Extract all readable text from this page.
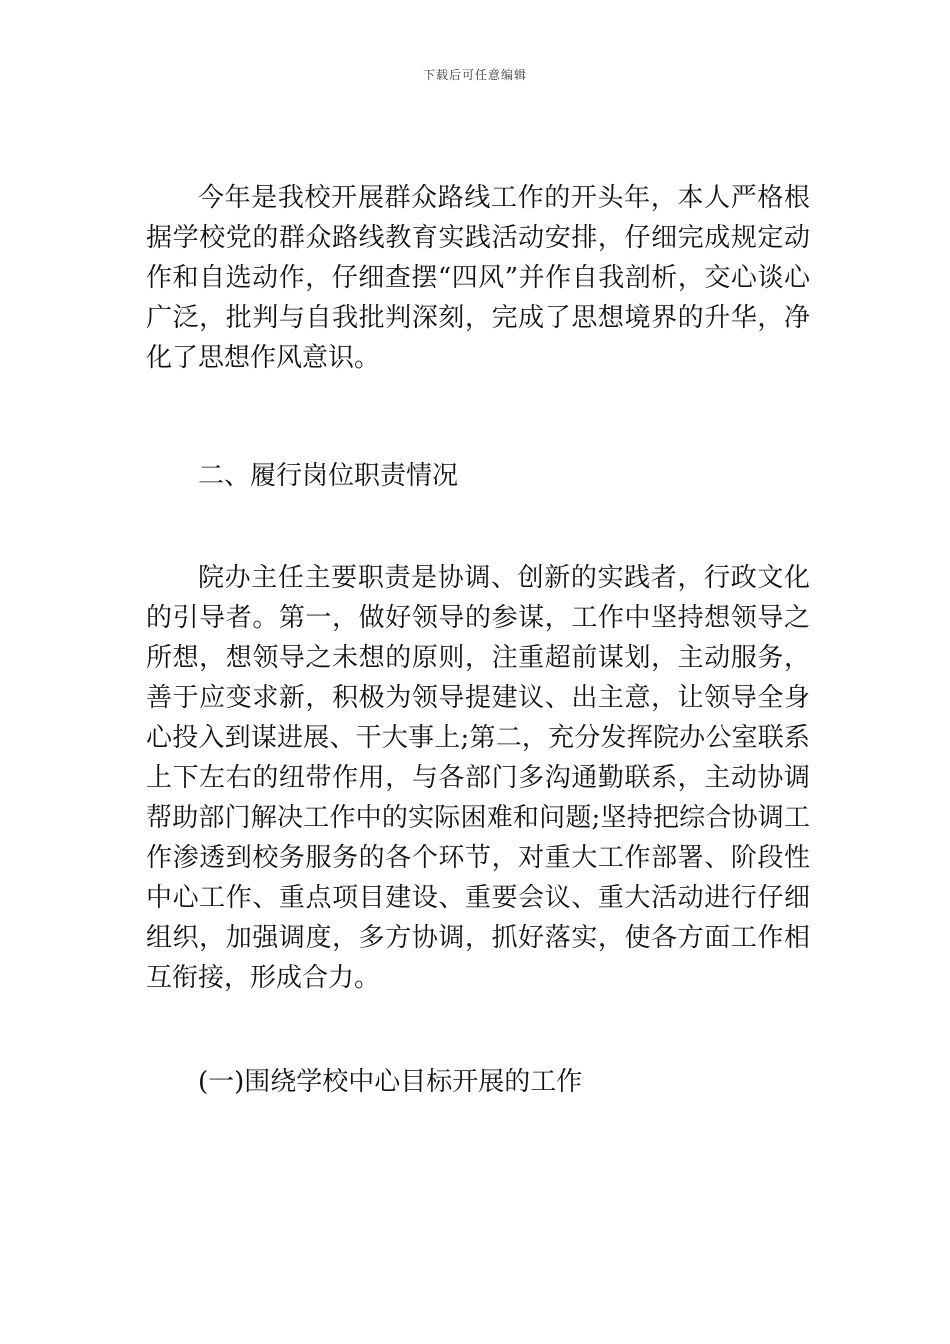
下载后可任意编辑

今年是我校开展群众路线工作的开头年，本人严格根据学校党的群众路线教育实践活动安排，仔细完成规定动作和自选动作，仔细查摆“四风”并作自我剖析，交心谈心广泛，批判与自我批判深刻，完成了思想境界的升华，净化了思想作风意识。

二、履行岗位职责情况

院办主任主要职责是协调、创新的实践者，行政文化的引导者。第一，做好领导的参谋，工作中坚持想领导之所想，想领导之未想的原则，注重超前谋划，主动服务，善于应变求新，积极为领导提建议、出主意，让领导全身心投入到谋进展、干大事上;第二，充分发挥院办公室联系上下左右的纽带作用，与各部门多沟通勤联系，主动协调帮助部门解决工作中的实际困难和问题;坚持把综合协调工作渗透到校务服务的各个环节，对重大工作部署、阶段性中心工作、重点项目建设、重要会议、重大活动进行仔细组织，加强调度，多方协调，抓好落实，使各方面工作相互衔接，形成合力。

(一)围绕学校中心目标开展的工作
